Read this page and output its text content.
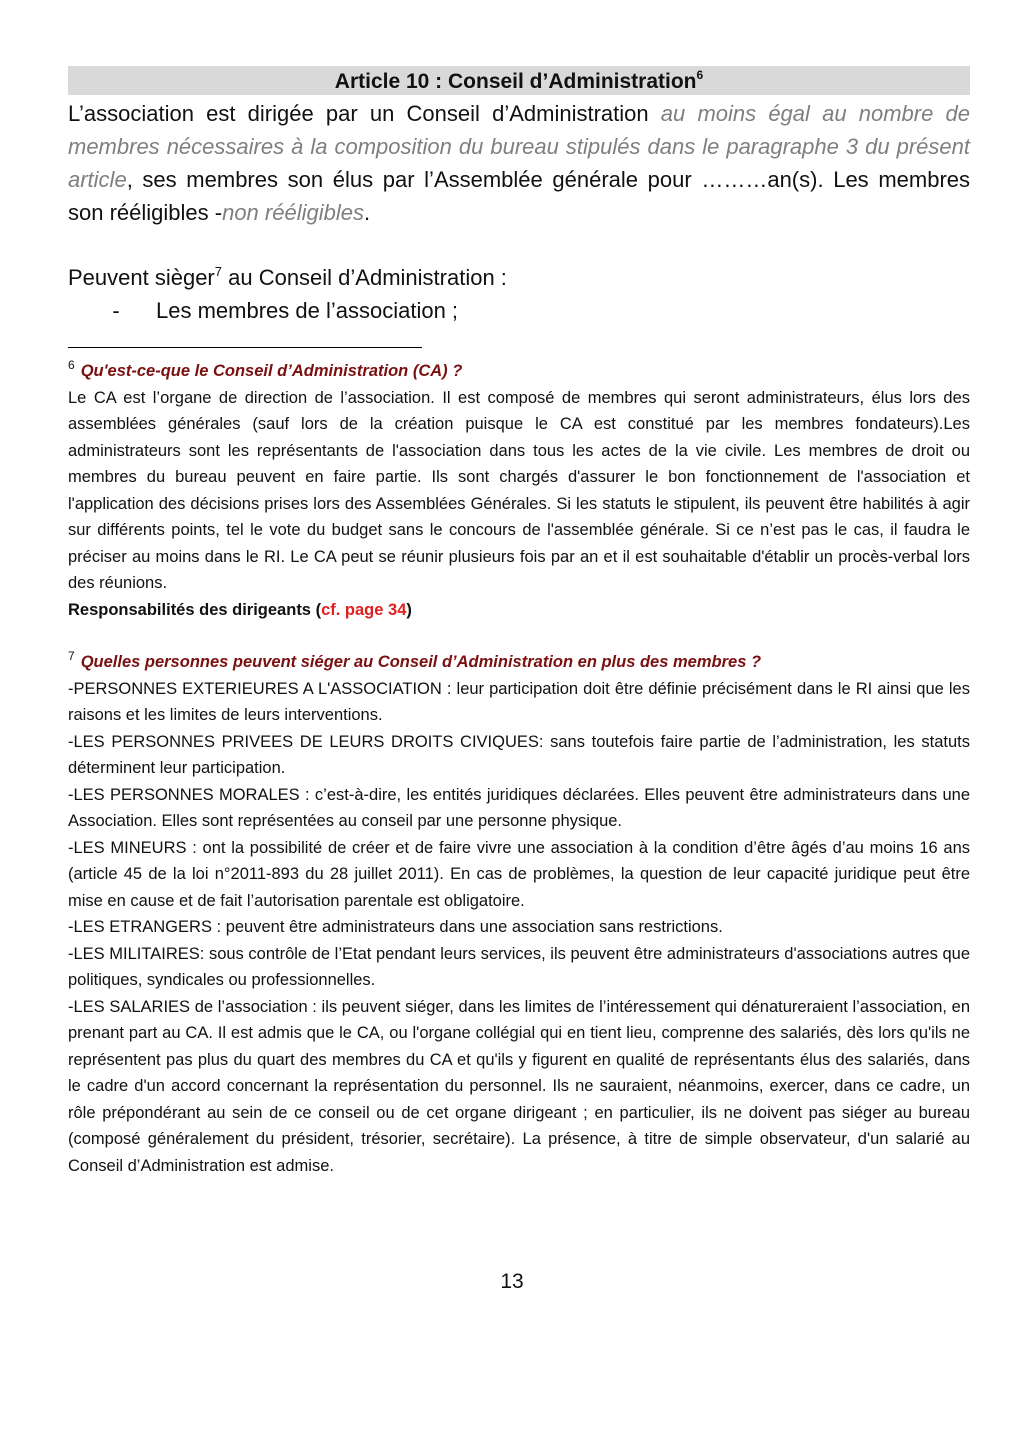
Article 10 : Conseil d’Administration$^6$
L’association est dirigée par un Conseil d’Administration au moins égal au nombre de membres nécessaires à la composition du bureau stipulés dans le paragraphe 3 du présent article, ses membres son élus par l’Assemblée générale pour ………an(s). Les membres son rééligibles -non rééligibles.
Peuvent sièger$^7$ au Conseil d’Administration :
-	Les membres de l’association ;
$^6$ Qu'est-ce-que le Conseil d’Administration (CA) ?
Le CA est l’organe de direction de l’association. Il est composé de membres qui seront administrateurs, élus lors des assemblées générales (sauf lors de la création puisque le CA est constitué par les membres fondateurs).Les administrateurs sont les représentants de l'association dans tous les actes de la vie civile. Les membres de droit ou membres du bureau peuvent en faire partie. Ils sont chargés d'assurer le bon fonctionnement de l'association et l'application des décisions prises lors des Assemblées Générales. Si les statuts le stipulent, ils peuvent être habilités à agir sur différents points, tel le vote du budget sans le concours de l'assemblée générale. Si ce n’est pas le cas, il faudra le préciser au moins dans le RI. Le CA peut se réunir plusieurs fois par an et il est souhaitable d'établir un procès-verbal lors des réunions.
Responsabilités des dirigeants (cf. page 34)
$^7$ Quelles personnes peuvent siéger au Conseil d’Administration en plus des membres ?
-PERSONNES EXTERIEURES A L'ASSOCIATION : leur participation doit être définie précisément dans le RI ainsi que les raisons et les limites de leurs interventions.
-LES PERSONNES PRIVEES DE LEURS DROITS CIVIQUES: sans toutefois faire partie de l’administration, les statuts déterminent leur participation.
-LES PERSONNES MORALES : c’est-à-dire, les entités juridiques déclarées. Elles peuvent être administrateurs dans une Association. Elles sont représentées au conseil par une personne physique.
-LES MINEURS : ont la possibilité de créer et de faire vivre une association à la condition d’être âgés d’au moins 16 ans (article 45 de la loi n°2011-893 du 28 juillet 2011). En cas de problèmes, la question de leur capacité juridique peut être mise en cause et de fait l’autorisation parentale est obligatoire.
-LES ETRANGERS : peuvent être administrateurs dans une association sans restrictions.
-LES MILITAIRES: sous contrôle de l’Etat pendant leurs services, ils peuvent être administrateurs d'associations autres que politiques, syndicales ou professionnelles.
-LES SALARIES de l’association : ils peuvent siéger, dans les limites de l’intéressement qui dénatureraient l’association, en prenant part au CA. Il est admis que le CA, ou l'organe collégial qui en tient lieu, comprenne des salariés, dès lors qu'ils ne représentent pas plus du quart des membres du CA et qu'ils y figurent en qualité de représentants élus des salariés, dans le cadre d'un accord concernant la représentation du personnel. Ils ne sauraient, néanmoins, exercer, dans ce cadre, un rôle prépondérant au sein de ce conseil ou de cet organe dirigeant ; en particulier, ils ne doivent pas siéger au bureau (composé généralement du président, trésorier, secrétaire). La présence, à titre de simple observateur, d'un salarié au Conseil d’Administration est admise.
13
